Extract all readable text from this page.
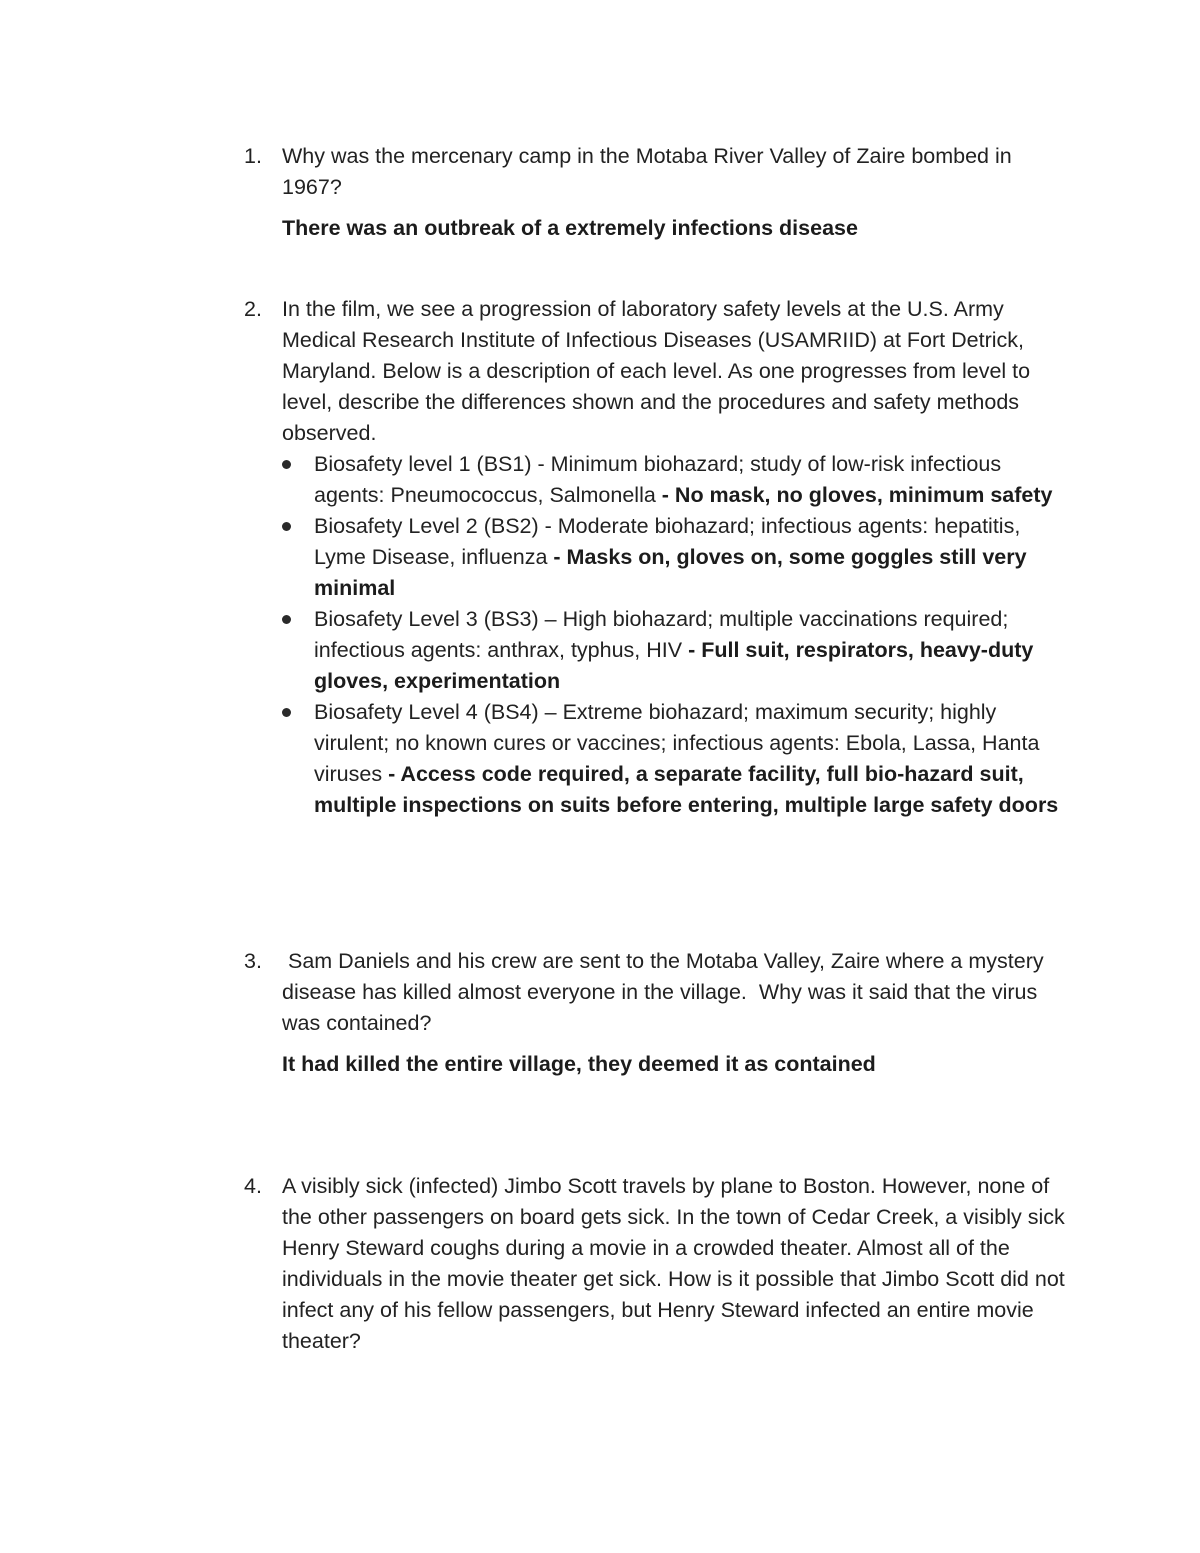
1. Why was the mercenary camp in the Motaba River Valley of Zaire bombed in 1967?
There was an outbreak of a extremely infections disease
2. In the film, we see a progression of laboratory safety levels at the U.S. Army Medical Research Institute of Infectious Diseases (USAMRIID) at Fort Detrick, Maryland. Below is a description of each level. As one progresses from level to level, describe the differences shown and the procedures and safety methods observed.
Biosafety level 1 (BS1) - Minimum biohazard; study of low-risk infectious agents: Pneumococcus, Salmonella - No mask, no gloves, minimum safety
Biosafety Level 2 (BS2) - Moderate biohazard; infectious agents: hepatitis, Lyme Disease, influenza - Masks on, gloves on, some goggles still very minimal
Biosafety Level 3 (BS3) – High biohazard; multiple vaccinations required; infectious agents: anthrax, typhus, HIV - Full suit, respirators, heavy-duty gloves, experimentation
Biosafety Level 4 (BS4) – Extreme biohazard; maximum security; highly virulent; no known cures or vaccines; infectious agents: Ebola, Lassa, Hanta viruses - Access code required, a separate facility, full bio-hazard suit, multiple inspections on suits before entering, multiple large safety doors
3. Sam Daniels and his crew are sent to the Motaba Valley, Zaire where a mystery disease has killed almost everyone in the village.  Why was it said that the virus was contained?
It had killed the entire village, they deemed it as contained
4. A visibly sick (infected) Jimbo Scott travels by plane to Boston. However, none of the other passengers on board gets sick. In the town of Cedar Creek, a visibly sick Henry Steward coughs during a movie in a crowded theater. Almost all of the individuals in the movie theater get sick. How is it possible that Jimbo Scott did not infect any of his fellow passengers, but Henry Steward infected an entire movie theater?
